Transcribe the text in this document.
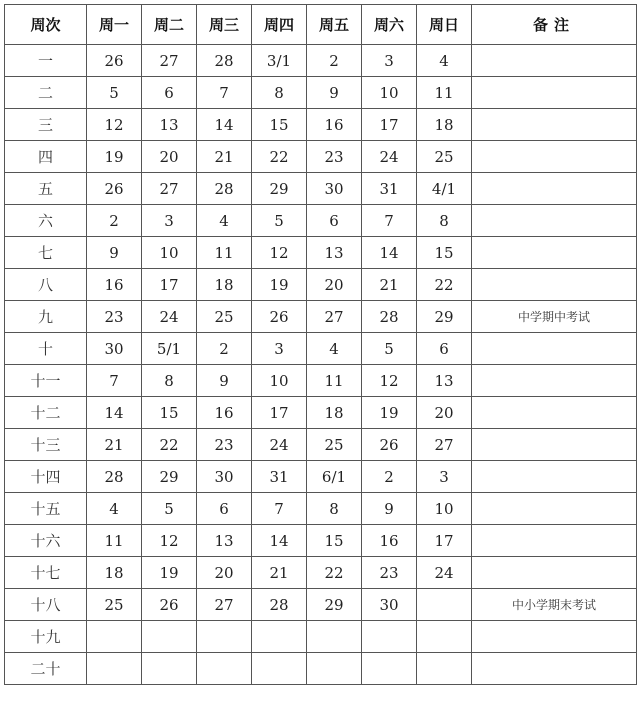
周次	周一	周二	周三	周四	周五	周六	周日	备注
一	26	27	28	3/1	2	3	4	
二	5	6	7	8	9	10	11	
三	12	13	14	15	16	17	18	
四	19	20	21	22	23	24	25	
五	26	27	28	29	30	31	4/1	
六	2	3	4	5	6	7	8	
七	9	10	11	12	13	14	15	
八	16	17	18	19	20	21	22	
九	23	24	25	26	27	28	29	中学期中考试
十	30	5/1	2	3	4	5	6	
十一	7	8	9	10	11	12	13	
十二	14	15	16	17	18	19	20	
十三	21	22	23	24	25	26	27	
十四	28	29	30	31	6/1	2	3	
十五	4	5	6	7	8	9	10	
十六	11	12	13	14	15	16	17	
十七	18	19	20	21	22	23	24	
十八	25	26	27	28	29	30		中小学期末考试
十九								
二十								
